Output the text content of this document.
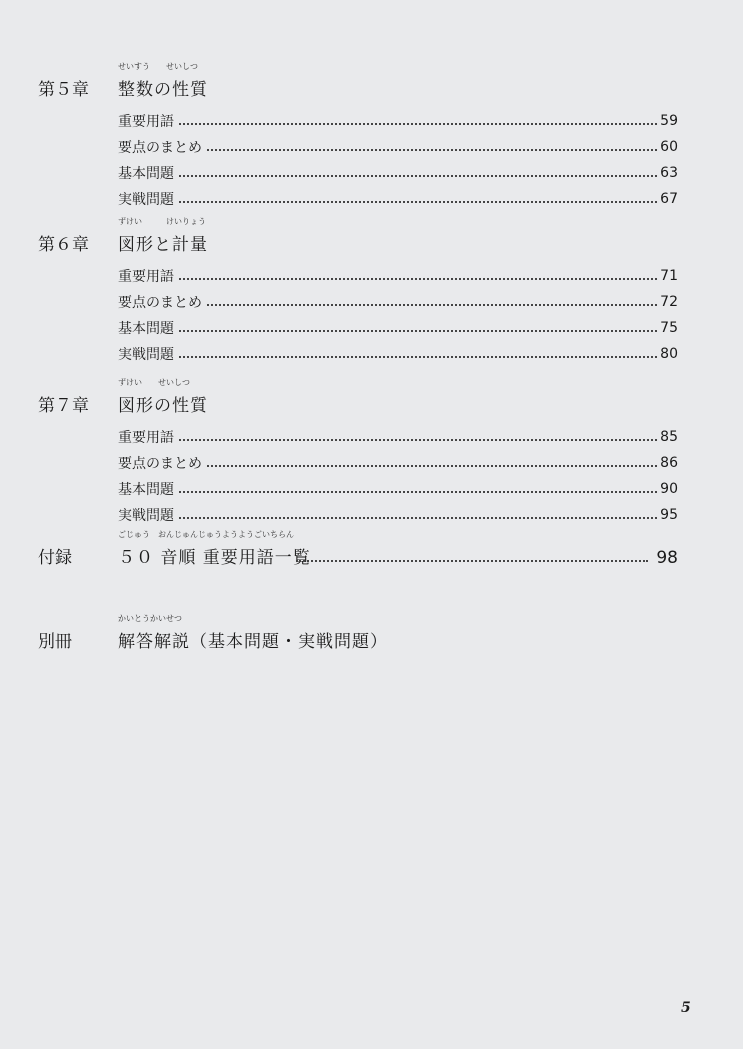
第５章
せいすう　　せいしつ
整数の性質
重要用語	59
要点のまとめ	60
基本問題	63
実戦問題	67
第６章
ずけい　　　けいりょう
図形と計量
重要用語	71
要点のまとめ	72
基本問題	75
実戦問題	80
第７章
ずけい　　せいしつ
図形の性質
重要用語	85
要点のまとめ	86
基本問題	90
実戦問題	95
付録
ごじゅう　おんじゅんじゅうようようごいちらん
５０ 音順 重要用語一覧	98
別冊
かいとうかいせつ
解答解説（基本問題・実戦問題）
5
